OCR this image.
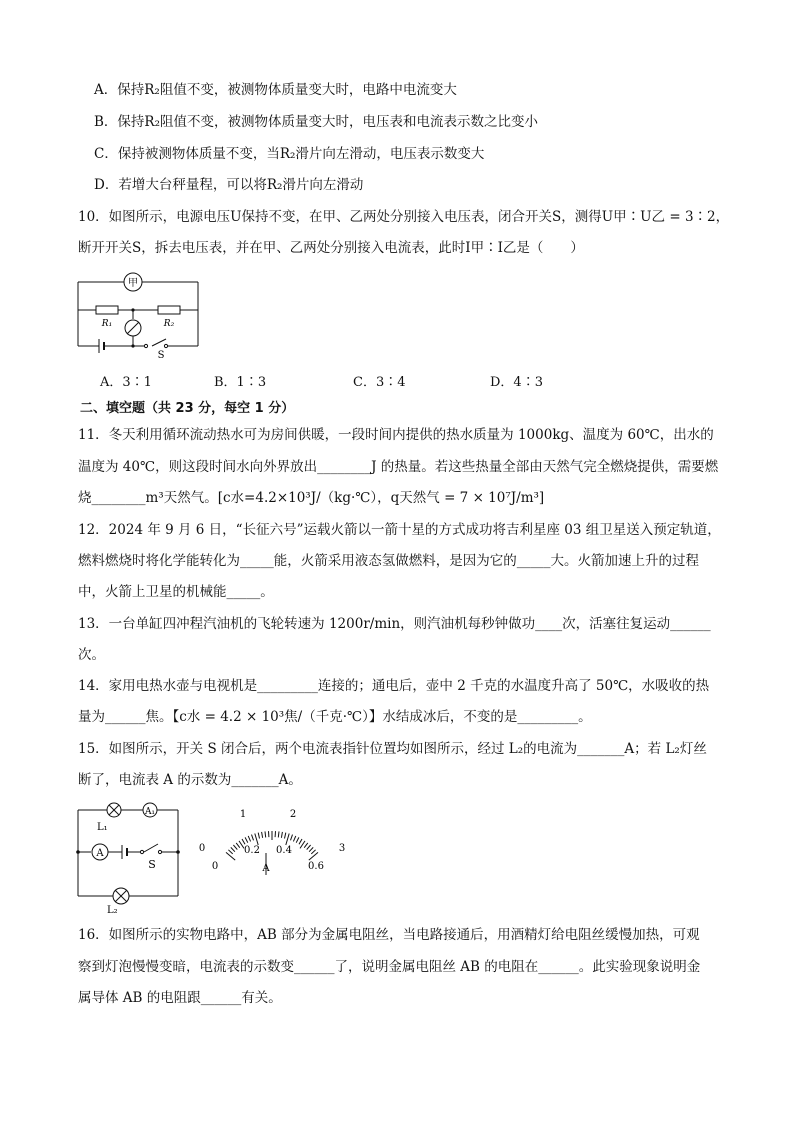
A．保持R₂阻值不变，被测物体质量变大时，电路中电流变大
B．保持R₂阻值不变，被测物体质量变大时，电压表和电流表示数之比变小
C．保持被测物体质量不变，当R₂滑片向左滑动，电压表示数变大
D．若增大台秤量程，可以将R₂滑片向左滑动
10．如图所示，电源电压U保持不变，在甲、乙两处分别接入电压表，闭合开关S，测得U甲∶U乙 = 3∶2，
断开开关S，拆去电压表，并在甲、乙两处分别接入电流表，此时I甲∶I乙是（　　）
甲
R₁	R₂
S
A．3∶1	B．1∶3	C．3∶4	D．4∶3
二、填空题（共 23 分，每空 1 分）
11．冬天利用循环流动热水可为房间供暖，一段时间内提供的热水质量为 1000kg、温度为 60℃，出水的
温度为 40℃，则这段时间水向外界放出________J 的热量。若这些热量全部由天然气完全燃烧提供，需要燃
烧________m³天然气。[c水=4.2×10³J/（kg·℃），q天然气 = 7 × 10⁷J/m³]
12．2024 年 9 月 6 日，“长征六号”运载火箭以一箭十星的方式成功将吉利星座 03 组卫星送入预定轨道，
燃料燃烧时将化学能转化为_____能，火箭采用液态氢做燃料，是因为它的_____大。火箭加速上升的过程
中，火箭上卫星的机械能_____。
13．一台单缸四冲程汽油机的飞轮转速为 1200r/min，则汽油机每秒钟做功____次，活塞往复运动______
次。
14．家用电热水壶与电视机是_________连接的；通电后，壶中 2 千克的水温度升高了 50℃，水吸收的热
量为______焦。【c水 = 4.2 × 10³焦/（千克·℃）】水结成冰后，不变的是_________。
15．如图所示，开关 S 闭合后，两个电流表指针位置均如图所示，经过 L₂的电流为_______A；若 L₂灯丝
断了，电流表 A 的示数为_______A。
L₁
A₁
A
S
L₂
0
1	2
3
0
0.2 0.4
0.6
A
16．如图所示的实物电路中，AB 部分为金属电阻丝，当电路接通后，用酒精灯给电阻丝缓慢加热，可观
察到灯泡慢慢变暗，电流表的示数变______了，说明金属电阻丝 AB 的电阻在______。此实验现象说明金
属导体 AB 的电阻跟______有关。
